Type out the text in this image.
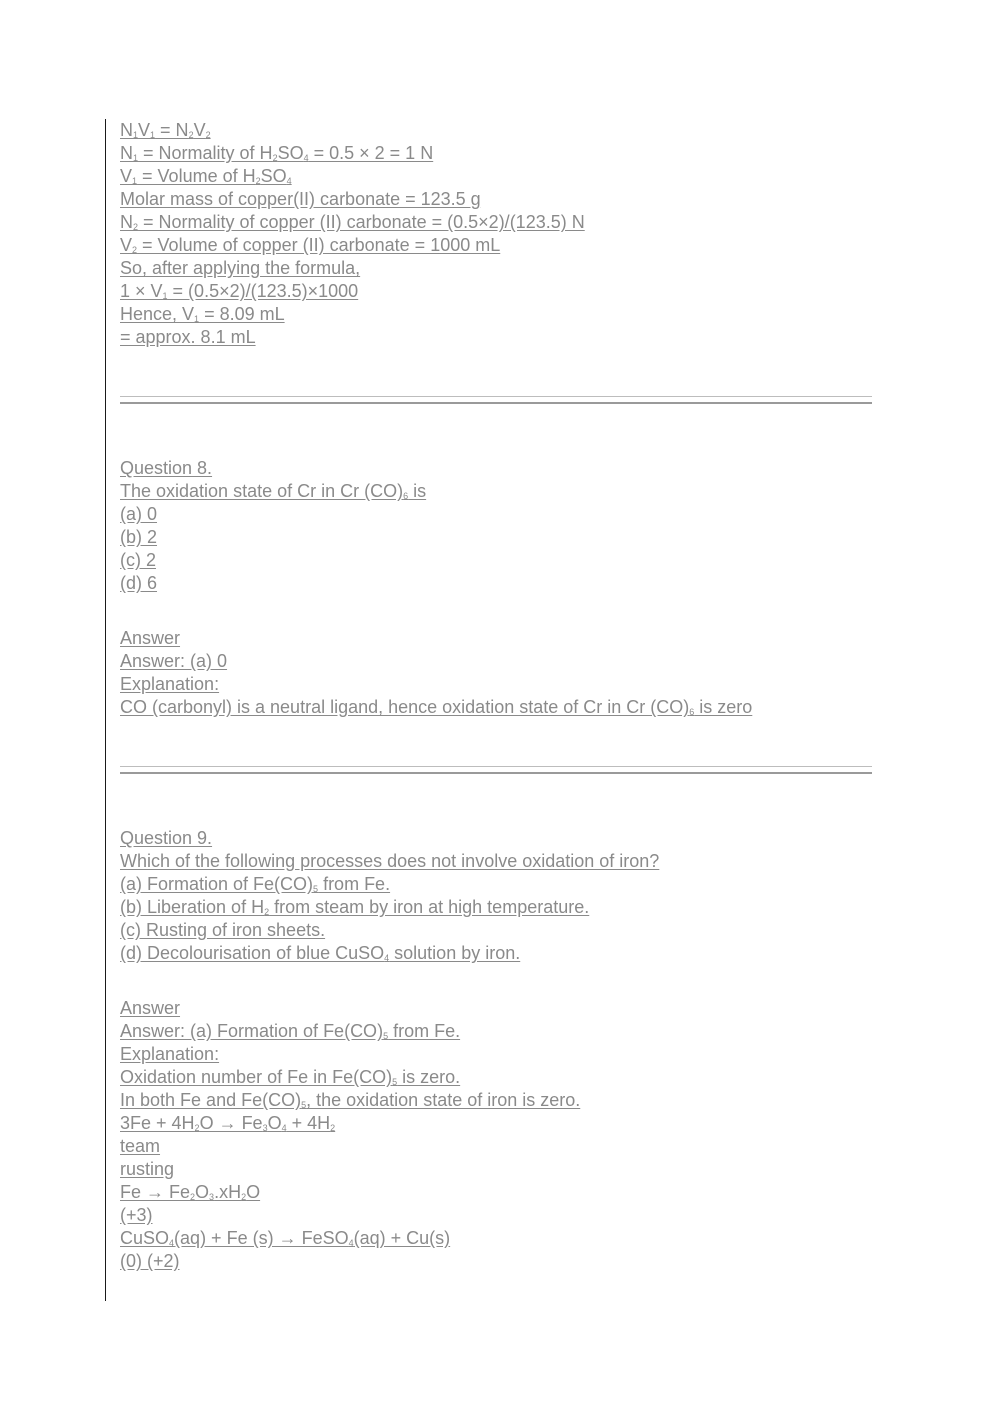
$N_1V_1 = N_2V_2$
$N_1$ = Normality of $H_2SO_4 = 0.5 \times 2 = 1$ N
$V_1$ = Volume of $H_2SO_4$
Molar mass of copper(II) carbonate = 123.5 g
$N_2$ = Normality of copper (II) carbonate = (0.5×2)/(123.5) N
$V_2$ = Volume of copper (II) carbonate = 1000 mL
So, after applying the formula,
$1 \times V_1 = (0.5\times 2)/(123.5)\times 1000$
Hence, $V_1 = 8.09$ mL
= approx. 8.1 mL
Question 8.
The oxidation state of Cr in Cr $(CO)_6$ is
(a) 0
(b) 2
(c) 2
(d) 6
Answer
Answer: (a) 0
Explanation:
CO (carbonyl) is a neutral ligand, hence oxidation state of Cr in Cr $(CO)_6$ is zero
Question 9.
Which of the following processes does not involve oxidation of iron?
(a) Formation of $Fe(CO)_5$ from Fe.
(b) Liberation of $H_2$ from steam by iron at high temperature.
(c) Rusting of iron sheets.
(d) Decolourisation of blue CuSO$_4$ solution by iron.
Answer
Answer: (a) Formation of $Fe(CO)_5$ from Fe.
Explanation:
Oxidation number of Fe in $Fe(CO)_5$ is zero.
In both Fe and $Fe(CO)_5$, the oxidation state of iron is zero.
$3Fe + 4H_2O \to Fe_3O_4 + 4H_2$
team
rusting
$Fe \to Fe_2O_3.xH_2O$
(+3)
CuSO$_4$(aq) + Fe (s) → FeSO$_4$(aq) + Cu(s)
(0) (+2)
